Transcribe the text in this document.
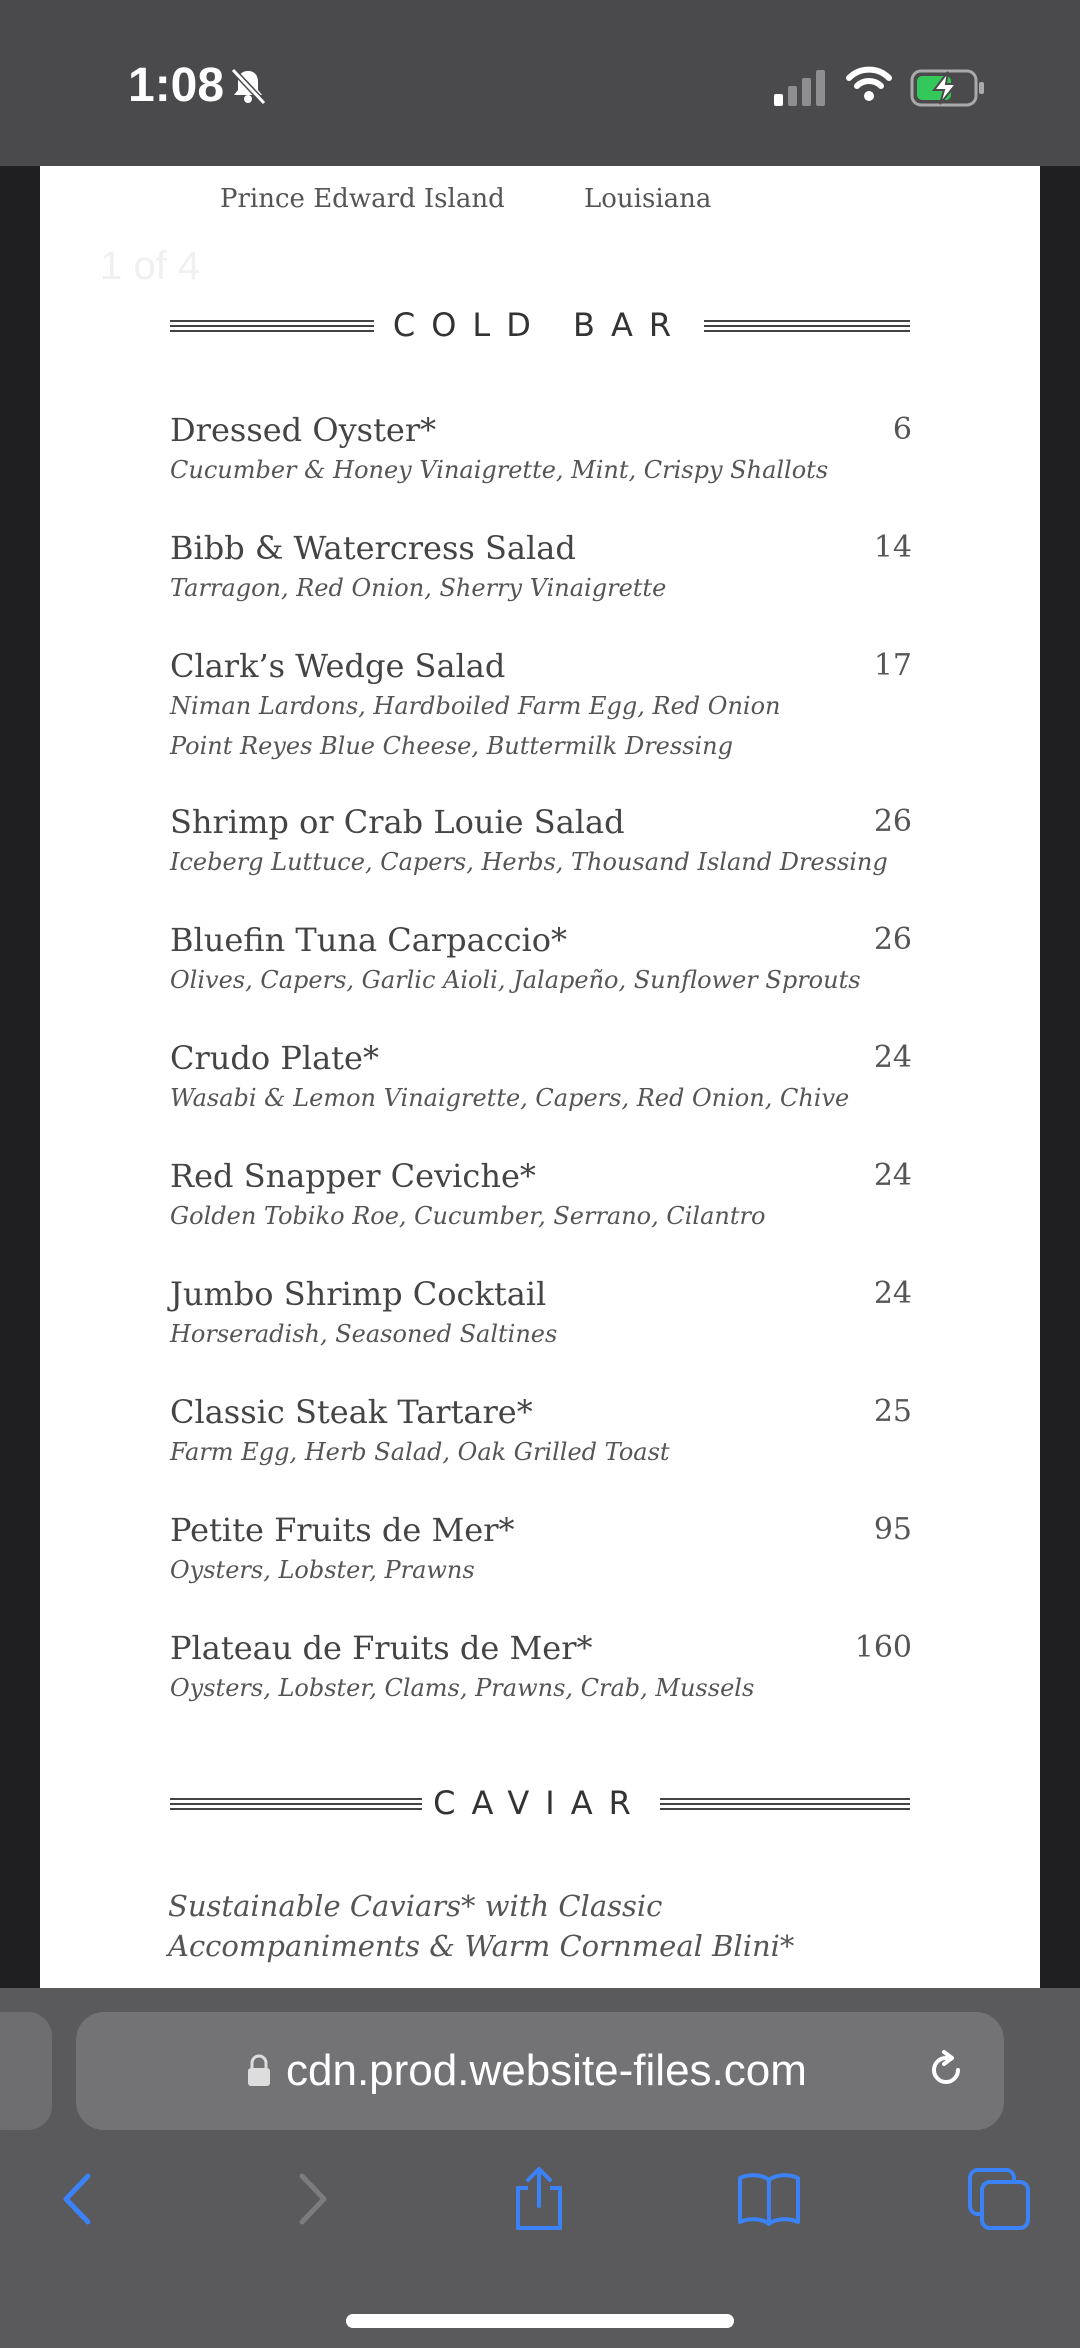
1:08
Prince Edward Island	Louisiana
1 of 4
COLD BAR
Dressed Oyster*	6
Cucumber & Honey Vinaigrette, Mint, Crispy Shallots
Bibb & Watercress Salad	14
Tarragon, Red Onion, Sherry Vinaigrette
Clark’s Wedge Salad	17
Niman Lardons, Hardboiled Farm Egg, Red Onion
Point Reyes Blue Cheese, Buttermilk Dressing
Shrimp or Crab Louie Salad	26
Iceberg Luttuce, Capers, Herbs, Thousand Island Dressing
Bluefin Tuna Carpaccio*	26
Olives, Capers, Garlic Aioli, Jalapeño, Sunflower Sprouts
Crudo Plate*	24
Wasabi & Lemon Vinaigrette, Capers, Red Onion, Chive
Red Snapper Ceviche*	24
Golden Tobiko Roe, Cucumber, Serrano, Cilantro
Jumbo Shrimp Cocktail	24
Horseradish, Seasoned Saltines
Classic Steak Tartare*	25
Farm Egg, Herb Salad, Oak Grilled Toast
Petite Fruits de Mer*	95
Oysters, Lobster, Prawns
Plateau de Fruits de Mer*	160
Oysters, Lobster, Clams, Prawns, Crab, Mussels
CAVIAR
Sustainable Caviars* with Classic
Accompaniments & Warm Cornmeal Blini*
cdn.prod.website-files.com
